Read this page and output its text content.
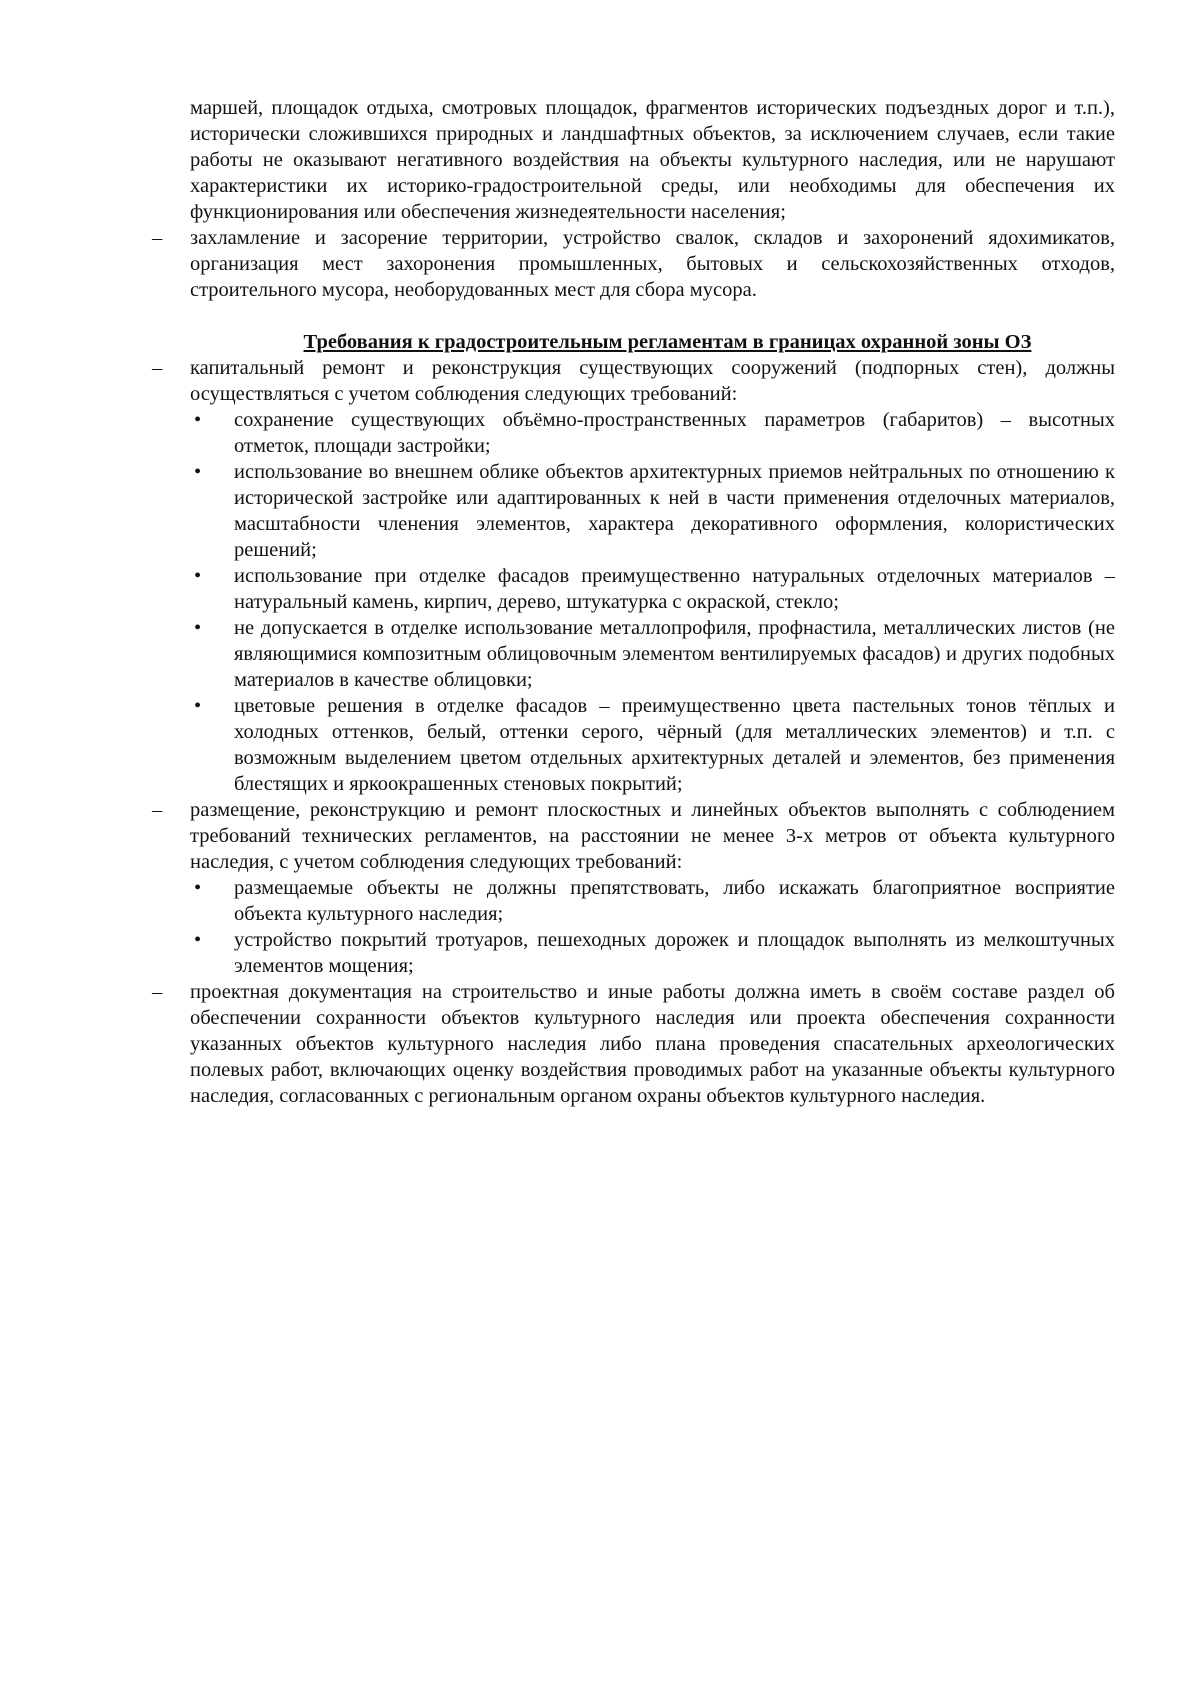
маршей, площадок отдыха, смотровых площадок, фрагментов исторических подъездных дорог и т.п.), исторически сложившихся природных и ландшафтных объектов, за исключением случаев, если такие работы не оказывают негативного воздействия на объекты культурного наследия, или не нарушают характеристики их историко-градостроительной среды, или необходимы для обеспечения их функционирования или обеспечения жизнедеятельности населения;

– захламление и засорение территории, устройство свалок, складов и захоронений ядохимикатов, организация мест захоронения промышленных, бытовых и сельскохозяйственных отходов, строительного мусора, необорудованных мест для сбора мусора.

Требования к градостроительным регламентам в границах охранной зоны ОЗ

– капитальный ремонт и реконструкция существующих сооружений (подпорных стен), должны осуществляться с учетом соблюдения следующих требований:

• сохранение существующих объёмно-пространственных параметров (габаритов) – высотных отметок, площади застройки;

• использование во внешнем облике объектов архитектурных приемов нейтральных по отношению к исторической застройке или адаптированных к ней в части применения отделочных материалов, масштабности членения элементов, характера декоративного оформления, колористических решений;

• использование при отделке фасадов преимущественно натуральных отделочных материалов – натуральный камень, кирпич, дерево, штукатурка с окраской, стекло;

• не допускается в отделке использование металлопрофиля, профнастила, металлических листов (не являющимися композитным облицовочным элементом вентилируемых фасадов) и других подобных материалов в качестве облицовки;

• цветовые решения в отделке фасадов – преимущественно цвета пастельных тонов тёплых и холодных оттенков, белый, оттенки серого, чёрный (для металлических элементов) и т.п. с возможным выделением цветом отдельных архитектурных деталей и элементов, без применения блестящих и яркоокрашенных стеновых покрытий;

– размещение, реконструкцию и ремонт плоскостных и линейных объектов выполнять с соблюдением требований технических регламентов, на расстоянии не менее 3-х метров от объекта культурного наследия, с учетом соблюдения следующих требований:

• размещаемые объекты не должны препятствовать, либо искажать благоприятное восприятие объекта культурного наследия;

• устройство покрытий тротуаров, пешеходных дорожек и площадок выполнять из мелкоштучных элементов мощения;

– проектная документация на строительство и иные работы должна иметь в своём составе раздел об обеспечении сохранности объектов культурного наследия или проекта обеспечения сохранности указанных объектов культурного наследия либо плана проведения спасательных археологических полевых работ, включающих оценку воздействия проводимых работ на указанные объекты культурного наследия, согласованных с региональным органом охраны объектов культурного наследия.
